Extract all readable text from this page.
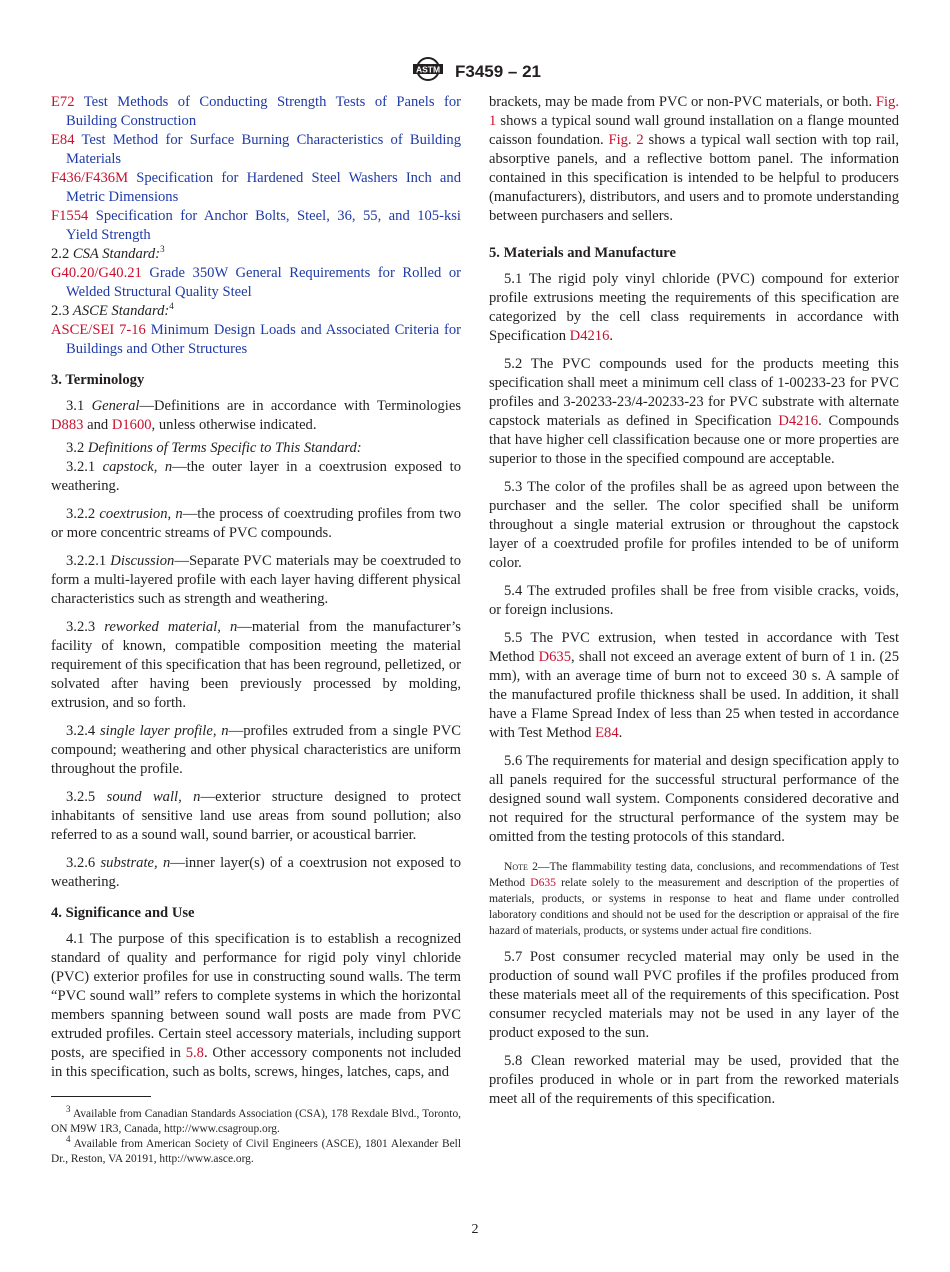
ASTM F3459 – 21

E72 Test Methods of Conducting Strength Tests of Panels for Building Construction

E84 Test Method for Surface Burning Characteristics of Building Materials

F436/F436M Specification for Hardened Steel Washers Inch and Metric Dimensions

F1554 Specification for Anchor Bolts, Steel, 36, 55, and 105-ksi Yield Strength

2.2 CSA Standard:$^3$

G40.20/G40.21 Grade 350W General Requirements for Rolled or Welded Structural Quality Steel

2.3 ASCE Standard:$^4$

ASCE/SEI 7-16 Minimum Design Loads and Associated Criteria for Buildings and Other Structures

3. Terminology

3.1 General—Definitions are in accordance with Terminologies D883 and D1600, unless otherwise indicated.

3.2 Definitions of Terms Specific to This Standard:

3.2.1 capstock, n—the outer layer in a coextrusion exposed to weathering.

3.2.2 coextrusion, n—the process of coextruding profiles from two or more concentric streams of PVC compounds.

3.2.2.1 Discussion—Separate PVC materials may be coextruded to form a multi-layered profile with each layer having different physical characteristics such as strength and weathering.

3.2.3 reworked material, n—material from the manufacturer’s facility of known, compatible composition meeting the material requirement of this specification that has been reground, pelletized, or solvated after having been previously processed by molding, extrusion, and so forth.

3.2.4 single layer profile, n—profiles extruded from a single PVC compound; weathering and other physical characteristics are uniform throughout the profile.

3.2.5 sound wall, n—exterior structure designed to protect inhabitants of sensitive land use areas from sound pollution; also referred to as a sound wall, sound barrier, or acoustical barrier.

3.2.6 substrate, n—inner layer(s) of a coextrusion not exposed to weathering.

4. Significance and Use

4.1 The purpose of this specification is to establish a recognized standard of quality and performance for rigid poly vinyl chloride (PVC) exterior profiles for use in constructing sound walls. The term “PVC sound wall” refers to complete systems in which the horizontal members spanning between sound wall posts are made from PVC extruded profiles. Certain steel accessory materials, including support posts, are specified in 5.8. Other accessory components not included in this specification, such as bolts, screws, hinges, latches, caps, and

$^3$ Available from Canadian Standards Association (CSA), 178 Rexdale Blvd., Toronto, ON M9W 1R3, Canada, http://www.csagroup.org.

$^4$ Available from American Society of Civil Engineers (ASCE), 1801 Alexander Bell Dr., Reston, VA 20191, http://www.asce.org.

brackets, may be made from PVC or non-PVC materials, or both. Fig. 1 shows a typical sound wall ground installation on a flange mounted caisson foundation. Fig. 2 shows a typical wall section with top rail, absorptive panels, and a reflective bottom panel. The information contained in this specification is intended to be helpful to producers (manufacturers), distributors, and users and to promote understanding between purchasers and sellers.

5. Materials and Manufacture

5.1 The rigid poly vinyl chloride (PVC) compound for exterior profile extrusions meeting the requirements of this specification are categorized by the cell class requirements in accordance with Specification D4216.

5.2 The PVC compounds used for the products meeting this specification shall meet a minimum cell class of 1-00233-23 for PVC profiles and 3-20233-23/4-20233-23 for PVC substrate with alternate capstock materials as defined in Specification D4216. Compounds that have higher cell classification because one or more properties are superior to those in the specified compound are acceptable.

5.3 The color of the profiles shall be as agreed upon between the purchaser and the seller. The color specified shall be uniform throughout a single material extrusion or throughout the capstock layer of a coextruded profile for profiles intended to be of uniform color.

5.4 The extruded profiles shall be free from visible cracks, voids, or foreign inclusions.

5.5 The PVC extrusion, when tested in accordance with Test Method D635, shall not exceed an average extent of burn of 1 in. (25 mm), with an average time of burn not to exceed 30 s. A sample of the manufactured profile thickness shall be used. In addition, it shall have a Flame Spread Index of less than 25 when tested in accordance with Test Method E84.

5.6 The requirements for material and design specification apply to all panels required for the successful structural performance of the designed sound wall system. Components considered decorative and not required for the structural performance of the system may be omitted from the testing protocols of this standard.

Note 2—The flammability testing data, conclusions, and recommendations of Test Method D635 relate solely to the measurement and description of the properties of materials, products, or systems in response to heat and flame under controlled laboratory conditions and should not be used for the description or appraisal of the fire hazard of materials, products, or systems under actual fire conditions.

5.7 Post consumer recycled material may only be used in the production of sound wall PVC profiles if the profiles produced from these materials meet all of the requirements of this specification. Post consumer recycled materials may not be used in any layer of the product exposed to the sun.

5.8 Clean reworked material may be used, provided that the profiles produced in whole or in part from the reworked materials meet all of the requirements of this specification.

2
